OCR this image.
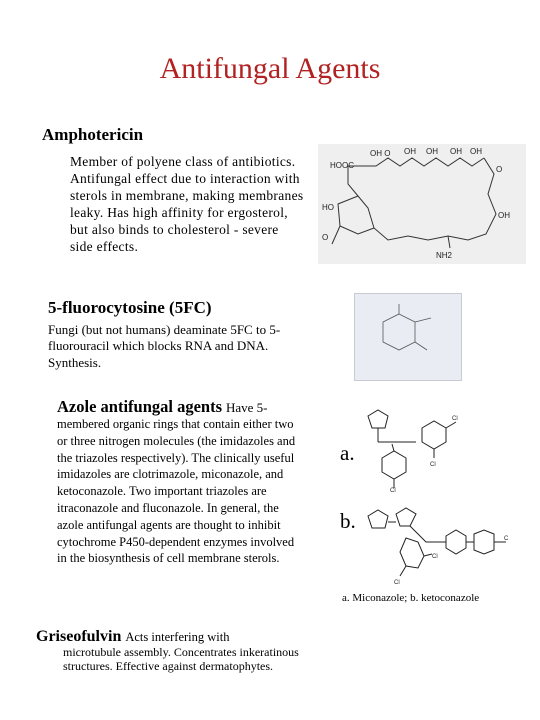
Antifungal Agents
Amphotericin
Member of polyene class of antibiotics. Antifungal effect due to interaction with sterols in membrane, making membranes leaky. Has high affinity for ergosterol, but also binds to cholesterol - severe side effects.
HOOC
OH O OH OH OH OH
O
HO
OH
O
NH2
5-fluorocytosine (5FC)
Fungi (but not humans) deaminate 5FC to 5-fluorouracil which blocks RNA and DNA. Synthesis.
Azole antifungal agents Have 5-
membered organic rings that contain either two or three nitrogen molecules (the imidazoles and the triazoles respectively). The clinically useful imidazoles are clotrimazole, miconazole, and ketoconazole. Two important triazoles are itraconazole and fluconazole. In general, the azole antifungal agents are thought to inhibit cytochrome P450-dependent enzymes involved in the biosynthesis of cell membrane sterols.
a.
b.
Cl
Cl
Cl
Cl
Cl
C
a. Miconazole; b. ketoconazole
Griseofulvin Acts interfering with
microtubule assembly. Concentrates inkeratinous structures. Effective against dermatophytes.
